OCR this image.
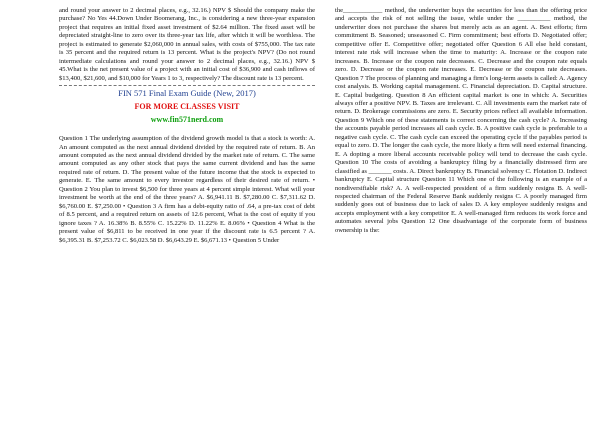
and round your answer to 2 decimal places, e.g., 32.16.) NPV $ Should the company make the purchase? No Yes 44.Down Under Boomerang, Inc., is considering a new three-year expansion project that requires an initial fixed asset investment of $2.64 million. The fixed asset will be depreciated straight-line to zero over its three-year tax life, after which it will be worthless. The project is estimated to generate $2,060,000 in annual sales, with costs of $755,000. The tax rate is 35 percent and the required return is 13 percent. What is the project's NPV? (Do not round intermediate calculations and round your answer to 2 decimal places, e.g., 32.16.) NPV $ 45.What is the net present value of a project with an initial cost of $36,900 and cash inflows of $13,400, $21,600, and $10,000 for Years 1 to 3, respectively? The discount rate is 13 percent.

FIN 571 Final Exam Guide (New, 2017)
FOR MORE CLASSES VISIT
www.fin571nerd.com

Question 1 The underlying assumption of the dividend growth model is that a stock is worth: A. An amount computed as the next annual dividend divided by the required rate of return. B. An amount computed as the next annual dividend divided by the market rate of return. C. The same amount computed as any other stock that pays the same current dividend and has the same required rate of return. D. The present value of the future income that the stock is expected to generate. E. The same amount to every investor regardless of their desired rate of return. • Question 2 You plan to invest $6,500 for three years at 4 percent simple interest. What will your investment be worth at the end of the three years? A. $6,941.11 B. $7,280.00 C. $7,311.62 D. $6,760.00 E. $7,250.00 • Question 3 A firm has a debt-equity ratio of .64, a pre-tax cost of debt of 8.5 percent, and a required return on assets of 12.6 percent, What is the cost of equity if you ignore taxes ? A. 16.38% B. 8.55% C. 15.22% D. 11.22% E. 8.06% • Question 4 What is the present value of $6,811 to be received in one year if the discount rate is 6.5 percent ? A. $6,395.31 B. $7,253.72 C. $6,023.58 D. $6,643.29 E. $6,671.13 • Question 5 Under

the____________ method, the underwriter buys the securities for less than the offering price and accepts the risk of not selling the issue, while under the __________ method, the underwriter does not purchase the shares but merely acts as an agent. A. Best efforts; firm commitment B. Seasoned; unseasoned C. Firm commitment; best efforts D. Negotiated offer; competitive offer E. Competitive offer; negotiated offer Question 6 All else held constant, interest rate risk will increase when the time to maturity: A. Increase or the coupon rate increases. B. Increase or the coupon rate decreases. C. Decrease and the coupon rate equals zero. D. Decrease or the coupon rate increases. E. Decrease or the coupon rate decreases. Question 7 The process of planning and managing a firm's long-term assets is called: A. Agency cost analysis. B. Working capital management. C. Financial depreciation. D. Capital structure. E. Capital budgeting. Question 8 An efficient capital market is one in which: A. Securities always offer a positive NPV. B. Taxes are irrelevant. C. All investments earn the market rate of return. D. Brokerage commissions are zero. E. Security prices reflect all available information. Question 9 Which one of these statements is correct concerning the cash cycle? A. Increasing the accounts payable period increases all cash cycle. B. A positive cash cycle is preferable to a negative cash cycle. C. The cash cycle can exceed the operating cycle if the payables period is equal to zero. D. The longer the cash cycle, the more likely a firm will need external financing. E. A dopting a more liberal accounts receivable policy will tend to decrease the cash cycle. Question 10 The costs of avoiding a bankruptcy filing by a financially distressed firm are classified as _______ costs. A. Direct bankruptcy B. Financial solvency C. Flotation D. Indirect bankruptcy E. Capital structure Question 11 Which one of the following is an example of a nondiversifiable risk? A. A well-respected president of a firm suddenly resigns B. A well-respected chairman of the Federal Reserve Bank suddenly resigns C. A poorly managed firm suddenly goes out of business due to lack of sales D. A key employee suddenly resigns and accepts employment with a key competitor E. A well-managed firm reduces its work force and automates several jobs Question 12 One disadvantage of the corporate form of business ownership is the:
